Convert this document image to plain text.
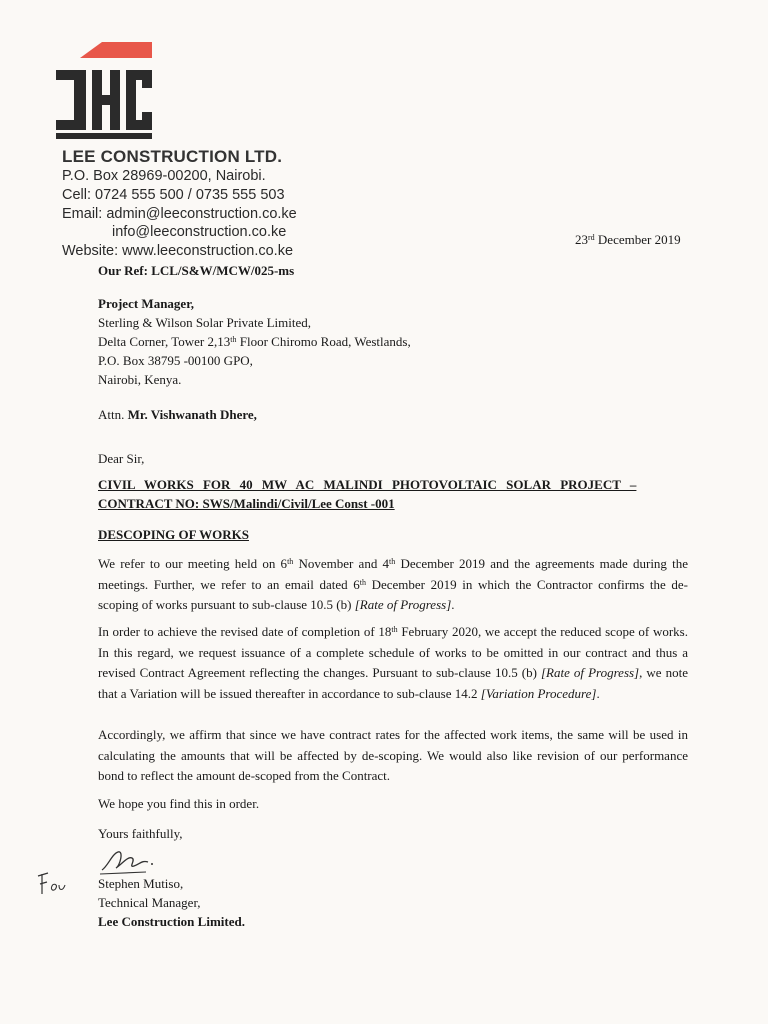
LEE CONSTRUCTION LTD.
P.O. Box 28969-00200, Nairobi.
Cell: 0724 555 500 / 0735 555 503
Email: admin@leeconstruction.co.ke
info@leeconstruction.co.ke
Website: www.leeconstruction.co.ke
23rd December 2019
Our Ref: LCL/S&W/MCW/025-ms
Project Manager,
Sterling & Wilson Solar Private Limited,
Delta Corner, Tower 2,13th Floor Chiromo Road, Westlands,
P.O. Box 38795 -00100 GPO,
Nairobi, Kenya.
Attn. Mr. Vishwanath Dhere,
Dear Sir,
CIVIL WORKS FOR 40 MW AC MALINDI PHOTOVOLTAIC SOLAR PROJECT –
CONTRACT NO: SWS/Malindi/Civil/Lee Const -001
DESCOPING OF WORKS
We refer to our meeting held on 6th November and 4th December 2019 and the agreements made during the meetings. Further, we refer to an email dated 6th December 2019 in which the Contractor confirms the de-scoping of works pursuant to sub-clause 10.5 (b) [Rate of Progress].
In order to achieve the revised date of completion of 18th February 2020, we accept the reduced scope of works. In this regard, we request issuance of a complete schedule of works to be omitted in our contract and thus a revised Contract Agreement reflecting the changes. Pursuant to sub-clause 10.5 (b) [Rate of Progress], we note that a Variation will be issued thereafter in accordance to sub-clause 14.2 [Variation Procedure].
Accordingly, we affirm that since we have contract rates for the affected work items, the same will be used in calculating the amounts that will be affected by de-scoping. We would also like revision of our performance bond to reflect the amount de-scoped from the Contract.
We hope you find this in order.
Yours faithfully,
Stephen Mutiso,
Technical Manager,
Lee Construction Limited.
